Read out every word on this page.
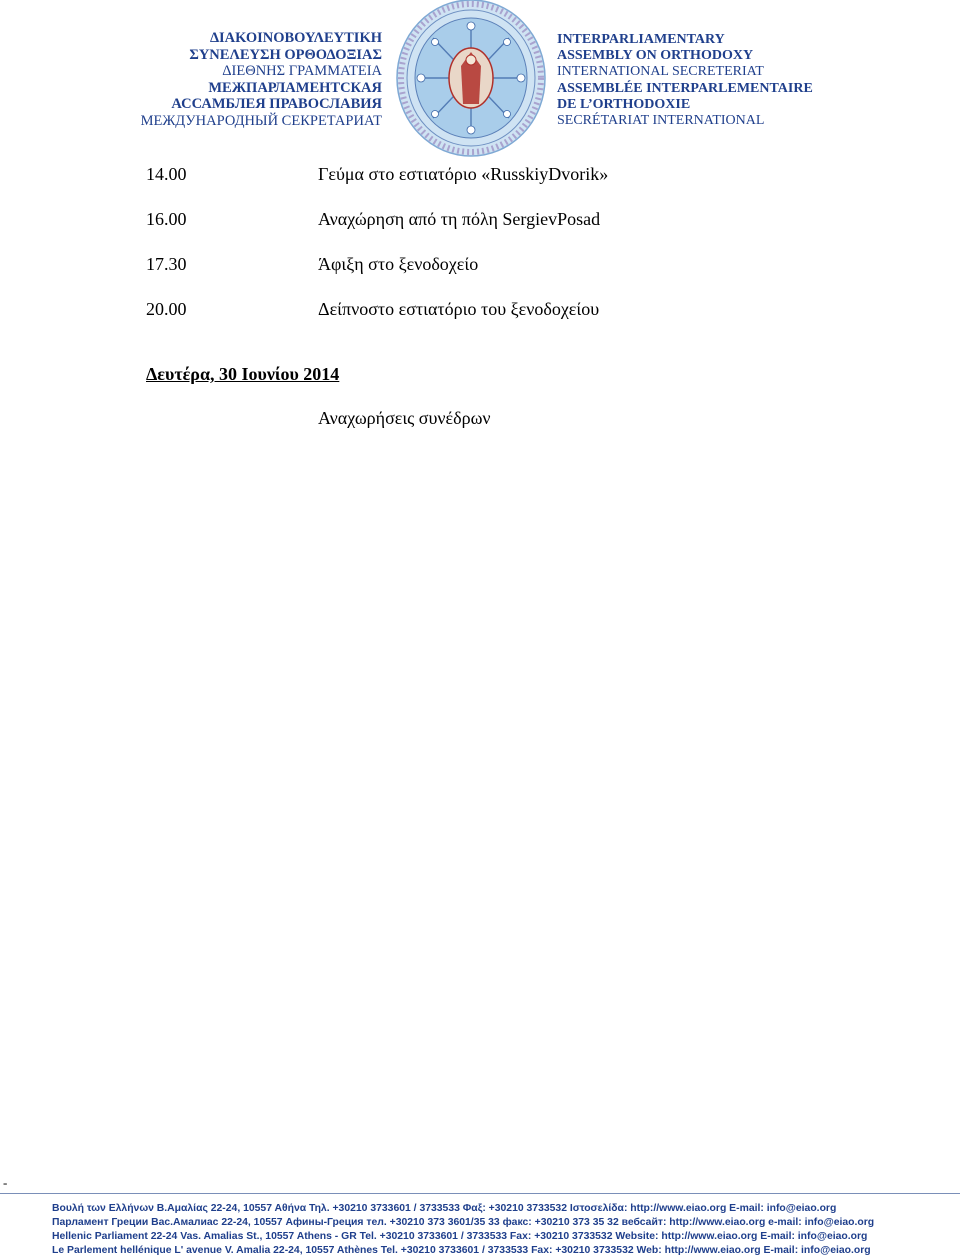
ΔΙΑΚΟΙΝΟΒΟΥΛΕΥΤΙΚΗ
ΣΥΝΕΛΕΥΣΗ ΟΡΘΟΔΟΞΙΑΣ
ΔΙΕΘΝΗΣ ΓΡΑΜΜΑΤΕΙΑ
МЕЖПАРЛАМЕНТСКАЯ
АССАМБЛЕЯ ПРАВОСЛАВИЯ
МЕЖДУНАРОДНЫЙ СЕКРЕТАРИАТ
INTERPARLIAMENTARY
ASSEMBLY ON ORTHODOXY
INTERNATIONAL SECRETERIAT
ASSEMBLÉE INTERPARLEMENTAIRE
DE L’ORTHODOXIE
SECRÉTARIAT INTERNATIONAL
14.00	Γεύμα στο εστιατόριο «RusskiyDvorik»
16.00	Αναχώρηση από τη πόλη SergievPosad
17.30	Άφιξη στο ξενοδοχείο
20.00	Δείπνοστο εστιατόριο του ξενοδοχείου
Δευτέρα, 30 Ιουνίου 2014
Αναχωρήσεις συνέδρων
-
Βουλή των Ελλήνων Β.Αμαλίας 22-24, 10557 Αθήνα Τηλ. +30210 3733601 / 3733533 Φαξ: +30210 3733532 Ιστοσελίδα: http://www.eiao.org E-mail: info@eiao.org
Парламент Греции Вас.Амалиас 22-24, 10557 Афины-Греция тел. +30210 373 3601/35 33 факс: +30210 373 35 32 вебсайт: http://www.eiao.org e-mail: info@eiao.org
Hellenic Parliament 22-24 Vas. Amalias St., 10557 Athens - GR Tel. +30210 3733601 / 3733533 Fax: +30210 3733532 Website: http://www.eiao.org E-mail: info@eiao.org
Le Parlement hellénique L' avenue V. Amalia 22-24, 10557 Athènes Tel. +30210 3733601 / 3733533 Fax: +30210 3733532 Web: http://www.eiao.org E-mail: info@eiao.org
